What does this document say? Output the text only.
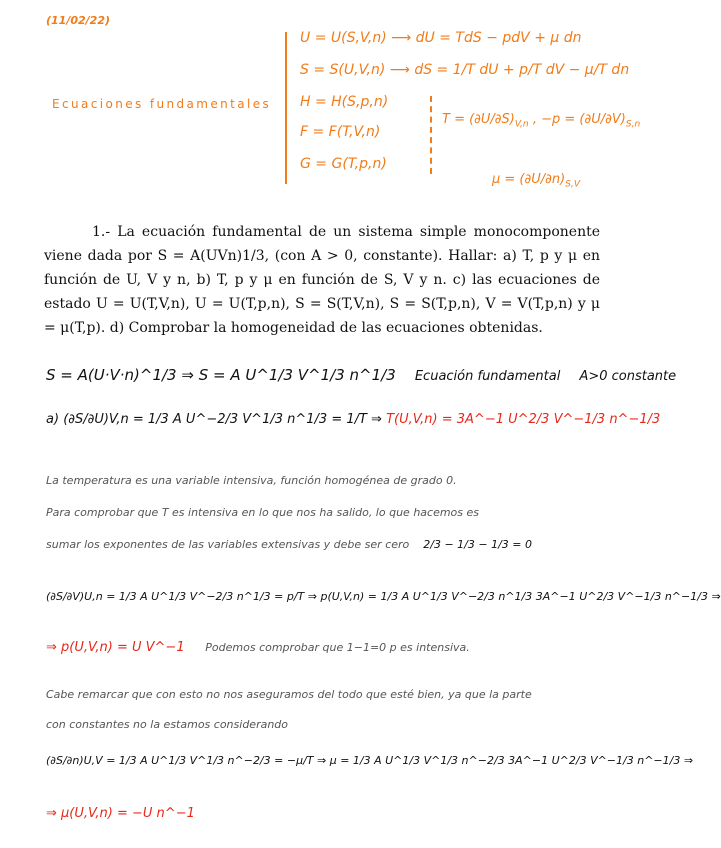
(11/02/22)
Ecuaciones fundamentales
U = U(S,V,n) ⟶ dU = TdS − pdV + μ dn
S = S(U,V,n) ⟶ dS = 1/T dU + p/T dV − μ/T dn
H = H(S,p,n)
F = F(T,V,n)
G = G(T,p,n)
$T = (\partial U/\partial S)_{V,n}$ , $-p = (\partial U/\partial V)_{S,n}$
$\mu = (\partial U/\partial n)_{S,V}$

1.- La ecuación fundamental de un sistema simple monocomponente viene dada por S = A(UVn)1/3, (con A > 0, constante). Hallar: a) T, p y μ en función de U, V y n, b) T, p y μ en función de S, V y n. c) las ecuaciones de estado U = U(T,V,n), U = U(T,p,n), S = S(T,V,n), S = S(T,p,n), V = V(T,p,n) y μ = μ(T,p). d) Comprobar la homogeneidad de las ecuaciones obtenidas.

S = A(U·V·n)^1/3 ⇒ S = A U^1/3 V^1/3 n^1/3 Ecuación fundamental A>0 constante
a) (∂S/∂U)V,n = 1/3 A U^−2/3 V^1/3 n^1/3 = 1/T ⇒ T(U,V,n) = 3A^−1 U^2/3 V^−1/3 n^−1/3
La temperatura es una variable intensiva, función homogénea de grado 0.
Para comprobar que T es intensiva en lo que nos ha salido, lo que hacemos es
sumar los exponentes de las variables extensivas y debe ser cero 2/3 − 1/3 − 1/3 = 0
(∂S/∂V)U,n = 1/3 A U^1/3 V^−2/3 n^1/3 = p/T ⇒ p(U,V,n) = 1/3 A U^1/3 V^−2/3 n^1/3 3A^−1 U^2/3 V^−1/3 n^−1/3 ⇒
⇒ p(U,V,n) = U V^−1 Podemos comprobar que 1−1=0 p es intensiva.
Cabe remarcar que con esto no nos aseguramos del todo que esté bien, ya que la parte
con constantes no la estamos considerando
(∂S/∂n)U,V = 1/3 A U^1/3 V^1/3 n^−2/3 = −μ/T ⇒ μ = 1/3 A U^1/3 V^1/3 n^−2/3 3A^−1 U^2/3 V^−1/3 n^−1/3 ⇒
⇒ μ(U,V,n) = −U n^−1
